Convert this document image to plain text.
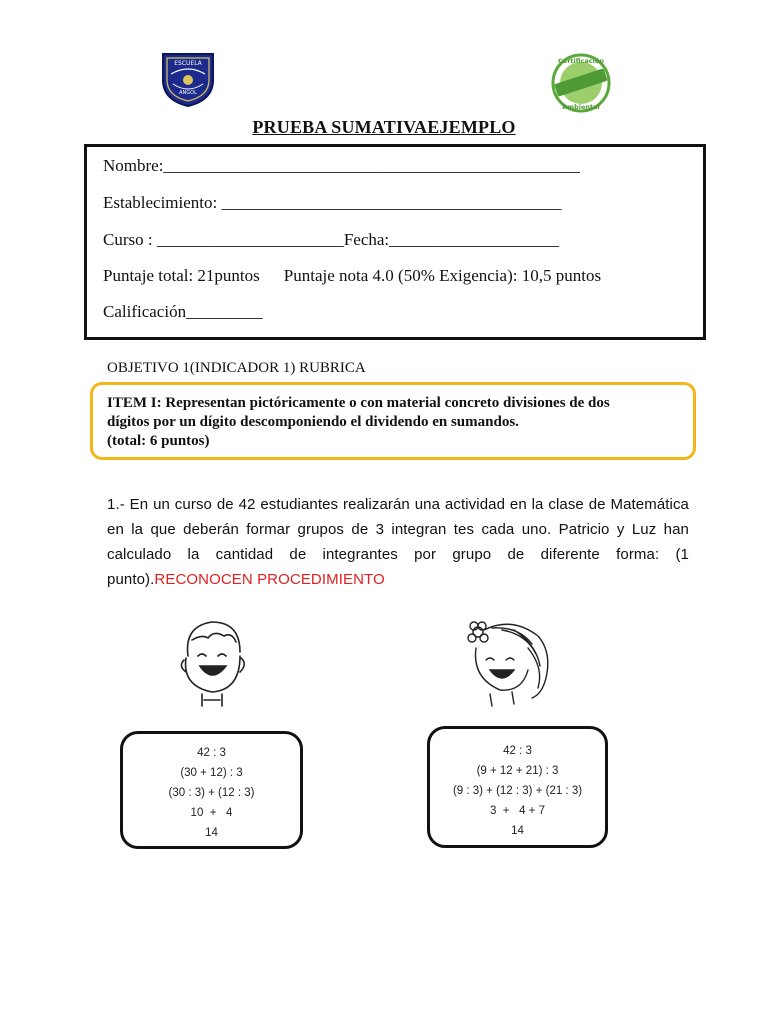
ESCUELA
ANGOL
Certificación
Ambiental
PRUEBA SUMATIVAEJEMPLO
Nombre:_________________________________________________
Establecimiento: ________________________________________
Curso : ______________________Fecha:____________________
Puntaje total: 21puntos Puntaje nota 4.0 (50% Exigencia): 10,5 puntos
Calificación_________
OBJETIVO 1(INDICADOR 1) RUBRICA
ITEM I: Representan pictóricamente o con material concreto divisiones de dos
dígitos por un dígito descomponiendo el dividendo en sumandos.
(total: 6 puntos)
1.- En un curso de 42 estudiantes realizarán una actividad en la clase de Matemática en la que deberán formar grupos de 3 integran tes cada uno. Patricio y Luz han calculado la cantidad de integrantes por grupo de diferente forma: (1 punto).RECONOCEN PROCEDIMIENTO
42 : 3
(30 + 12) : 3
(30 : 3) + (12 : 3)
10  +   4
14
42 : 3
(9 + 12 + 21) : 3
(9 : 3) + (12 : 3) + (21 : 3)
3  +   4 + 7
14
